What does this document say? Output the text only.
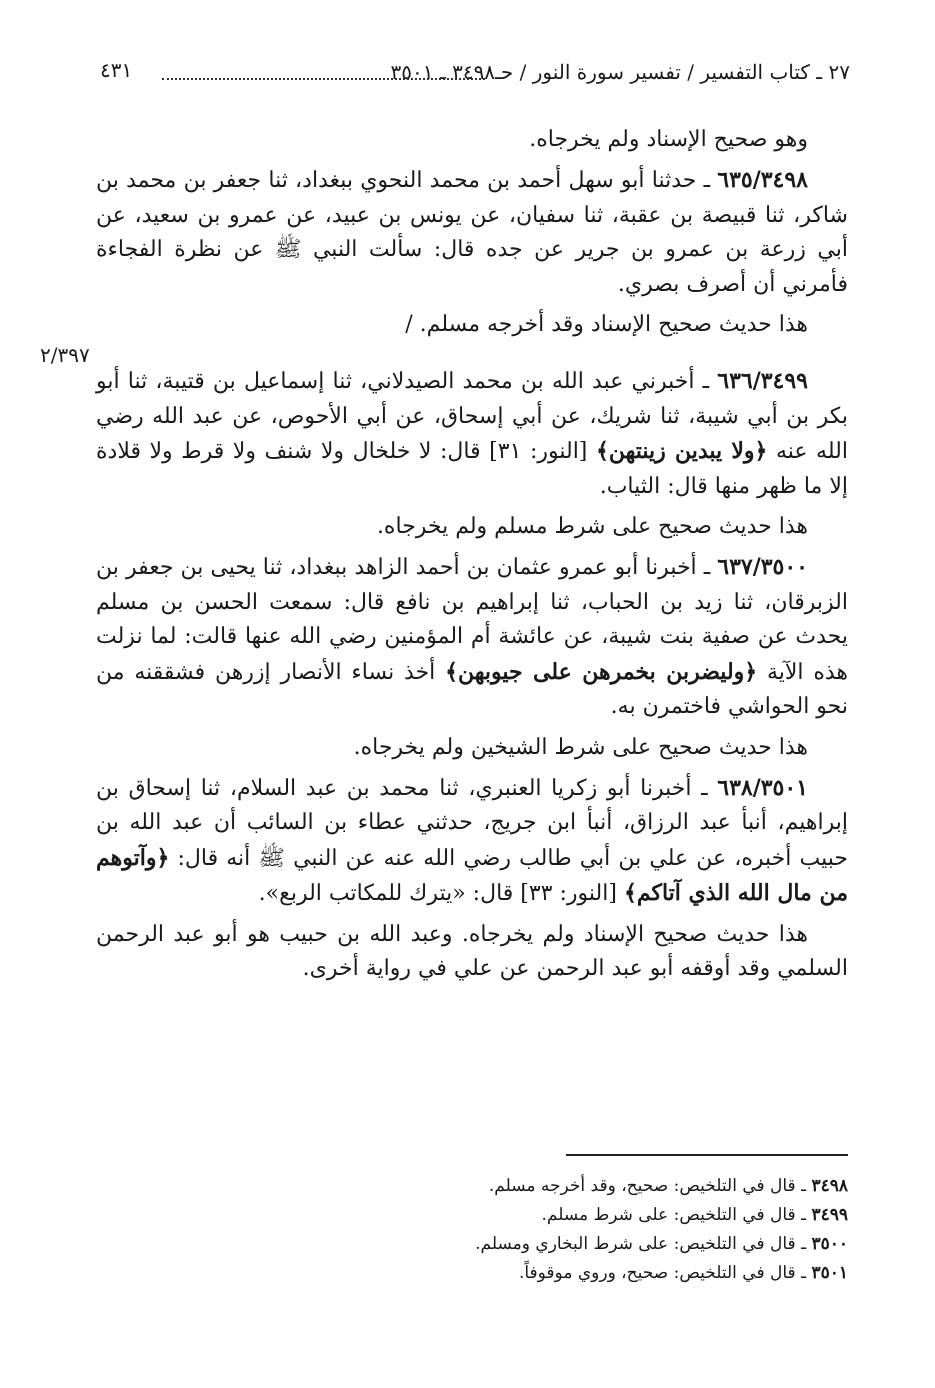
٢٧ ـ كتاب التفسير / تفسير سورة النور / حـ٣٤٩٨ ـ ٣٥٠١
٤٣١
٢/٣٩٧

وهو صحيح الإسناد ولم يخرجاه.

٦٣٥/٣٤٩٨ ـ حدثنا أبو سهل أحمد بن محمد النحوي ببغداد، ثنا جعفر بن محمد بن شاكر، ثنا قبيصة بن عقبة، ثنا سفيان، عن يونس بن عبيد، عن عمرو بن سعيد، عن أبي زرعة بن عمرو بن جرير عن جده قال: سألت النبي ﷺ عن نظرة الفجاءة فأمرني أن أصرف بصري.

هذا حديث صحيح الإسناد وقد أخرجه مسلم. /

٦٣٦/٣٤٩٩ ـ أخبرني عبد الله بن محمد الصيدلاني، ثنا إسماعيل بن قتيبة، ثنا أبو بكر بن أبي شيبة، ثنا شريك، عن أبي إسحاق، عن أبي الأحوص، عن عبد الله رضي الله عنه ﴿ولا يبدين زينتهن﴾ [النور: ٣١] قال: لا خلخال ولا شنف ولا قرط ولا قلادة إلا ما ظهر منها قال: الثياب.

هذا حديث صحيح على شرط مسلم ولم يخرجاه.

٦٣٧/٣٥٠٠ ـ أخبرنا أبو عمرو عثمان بن أحمد الزاهد ببغداد، ثنا يحيى بن جعفر بن الزبرقان، ثنا زيد بن الحباب، ثنا إبراهيم بن نافع قال: سمعت الحسن بن مسلم يحدث عن صفية بنت شيبة، عن عائشة أم المؤمنين رضي الله عنها قالت: لما نزلت هذه الآية ﴿وليضربن بخمرهن على جيوبهن﴾ أخذ نساء الأنصار إزرهن فشققنه من نحو الحواشي فاختمرن به.

هذا حديث صحيح على شرط الشيخين ولم يخرجاه.

٦٣٨/٣٥٠١ ـ أخبرنا أبو زكريا العنبري، ثنا محمد بن عبد السلام، ثنا إسحاق بن إبراهيم، أنبأ عبد الرزاق، أنبأ ابن جريج، حدثني عطاء بن السائب أن عبد الله بن حبيب أخبره، عن علي بن أبي طالب رضي الله عنه عن النبي ﷺ أنه قال: ﴿وآتوهم من مال الله الذي آتاكم﴾ [النور: ٣٣] قال: «يترك للمكاتب الربع».

هذا حديث صحيح الإسناد ولم يخرجاه. وعبد الله بن حبيب هو أبو عبد الرحمن السلمي وقد أوقفه أبو عبد الرحمن عن علي في رواية أخرى.

٣٤٩٨ ـ قال في التلخيص: صحيح، وقد أخرجه مسلم.

٣٤٩٩ ـ قال في التلخيص: على شرط مسلم.

٣٥٠٠ ـ قال في التلخيص: على شرط البخاري ومسلم.

٣٥٠١ ـ قال في التلخيص: صحيح، وروي موقوفاً.
